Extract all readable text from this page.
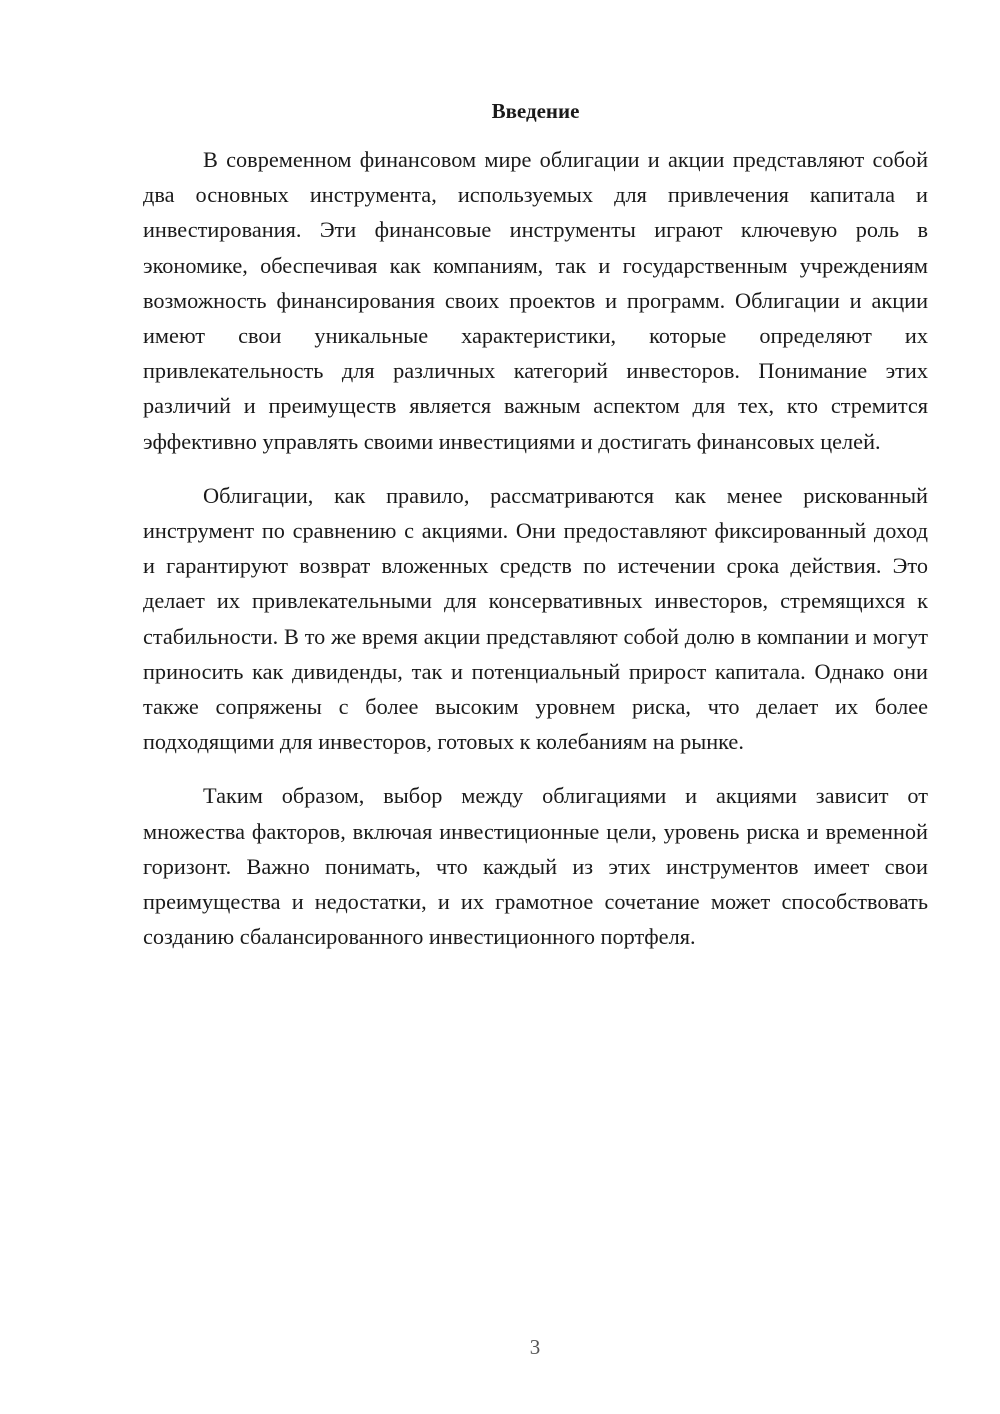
Введение

В современном финансовом мире облигации и акции представляют собой два основных инструмента, используемых для привлечения капитала и инвестирования. Эти финансовые инструменты играют ключевую роль в экономике, обеспечивая как компаниям, так и государственным учреждениям возможность финансирования своих проектов и программ. Облигации и акции имеют свои уникальные характеристики, которые определяют их привлекательность для различных категорий инвесторов. Понимание этих различий и преимуществ является важным аспектом для тех, кто стремится эффективно управлять своими инвестициями и достигать финансовых целей.

Облигации, как правило, рассматриваются как менее рискованный инструмент по сравнению с акциями. Они предоставляют фиксированный доход и гарантируют возврат вложенных средств по истечении срока действия. Это делает их привлекательными для консервативных инвесторов, стремящихся к стабильности. В то же время акции представляют собой долю в компании и могут приносить как дивиденды, так и потенциальный прирост капитала. Однако они также сопряжены с более высоким уровнем риска, что делает их более подходящими для инвесторов, готовых к колебаниям на рынке.

Таким образом, выбор между облигациями и акциями зависит от множества факторов, включая инвестиционные цели, уровень риска и временной горизонт. Важно понимать, что каждый из этих инструментов имеет свои преимущества и недостатки, и их грамотное сочетание может способствовать созданию сбалансированного инвестиционного портфеля.

3
